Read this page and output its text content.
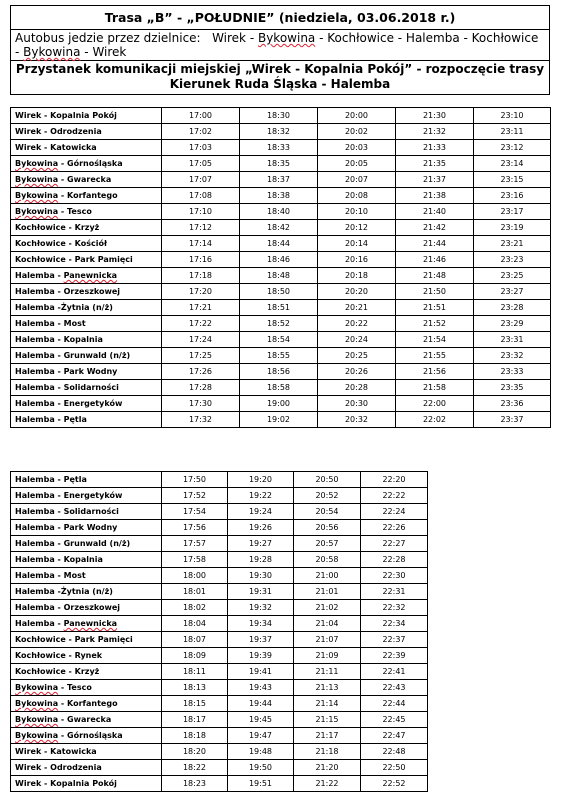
Trasa „B” - „POŁUDNIE” (niedziela, 03.06.2018 r.)
Autobus jedzie przez dzielnice: Wirek - Bykowina - Kochłowice - Halemba - Kochłowice - Bykowina - Wirek
Przystanek komunikacji miejskiej „Wirek - Kopalnia Pokój” - rozpoczęcie trasy
Kierunek Ruda Śląska - Halemba
Wirek - Kopalnia Pokój	17:00	18:30	20:00	21:30	23:10	
Wirek - Odrodzenia	17:02	18:32	20:02	21:32	23:11	
Wirek - Katowicka	17:03	18:33	20:03	21:33	23:12	
Bykowina - Górnośląska	17:05	18:35	20:05	21:35	23:14	
Bykowina - Gwarecka	17:07	18:37	20:07	21:37	23:15	
Bykowina - Korfantego	17:08	18:38	20:08	21:38	23:16	
Bykowina - Tesco	17:10	18:40	20:10	21:40	23:17	
Kochłowice - Krzyż	17:12	18:42	20:12	21:42	23:19	
Kochłowice - Kościół	17:14	18:44	20:14	21:44	23:21	
Kochłowice - Park Pamięci	17:16	18:46	20:16	21:46	23:23	
Halemba - Panewnicka	17:18	18:48	20:18	21:48	23:25	
Halemba - Orzeszkowej	17:20	18:50	20:20	21:50	23:27	
Halemba -Żytnia (n/ż)	17:21	18:51	20:21	21:51	23:28	
Halemba - Most	17:22	18:52	20:22	21:52	23:29	
Halemba - Kopalnia	17:24	18:54	20:24	21:54	23:31	
Halemba - Grunwald (n/ż)	17:25	18:55	20:25	21:55	23:32	
Halemba - Park Wodny	17:26	18:56	20:26	21:56	23:33	
Halemba - Solidarności	17:28	18:58	20:28	21:58	23:35	
Halemba - Energetyków	17:30	19:00	20:30	22:00	23:36	
Halemba - Pętla	17:32	19:02	20:32	22:02	23:37	
Halemba - Pętla	17:50	19:20	20:50	22:20
Halemba - Energetyków	17:52	19:22	20:52	22:22
Halemba - Solidarności	17:54	19:24	20:54	22:24
Halemba - Park Wodny	17:56	19:26	20:56	22:26
Halemba - Grunwald (n/ż)	17:57	19:27	20:57	22:27
Halemba - Kopalnia	17:58	19:28	20:58	22:28
Halemba - Most	18:00	19:30	21:00	22:30
Halemba -Żytnia (n/ż)	18:01	19:31	21:01	22:31
Halemba - Orzeszkowej	18:02	19:32	21:02	22:32
Halemba - Panewnicka	18:04	19:34	21:04	22:34
Kochłowice - Park Pamięci	18:07	19:37	21:07	22:37
Kochłowice - Rynek	18:09	19:39	21:09	22:39
Kochłowice - Krzyż	18:11	19:41	21:11	22:41
Bykowina - Tesco	18:13	19:43	21:13	22:43
Bykowina - Korfantego	18:15	19:44	21:14	22:44
Bykowina - Gwarecka	18:17	19:45	21:15	22:45
Bykowina - Górnośląska	18:18	19:47	21:17	22:47
Wirek - Katowicka	18:20	19:48	21:18	22:48
Wirek - Odrodzenia	18:22	19:50	21:20	22:50
Wirek - Kopalnia Pokój	18:23	19:51	21:22	22:52
